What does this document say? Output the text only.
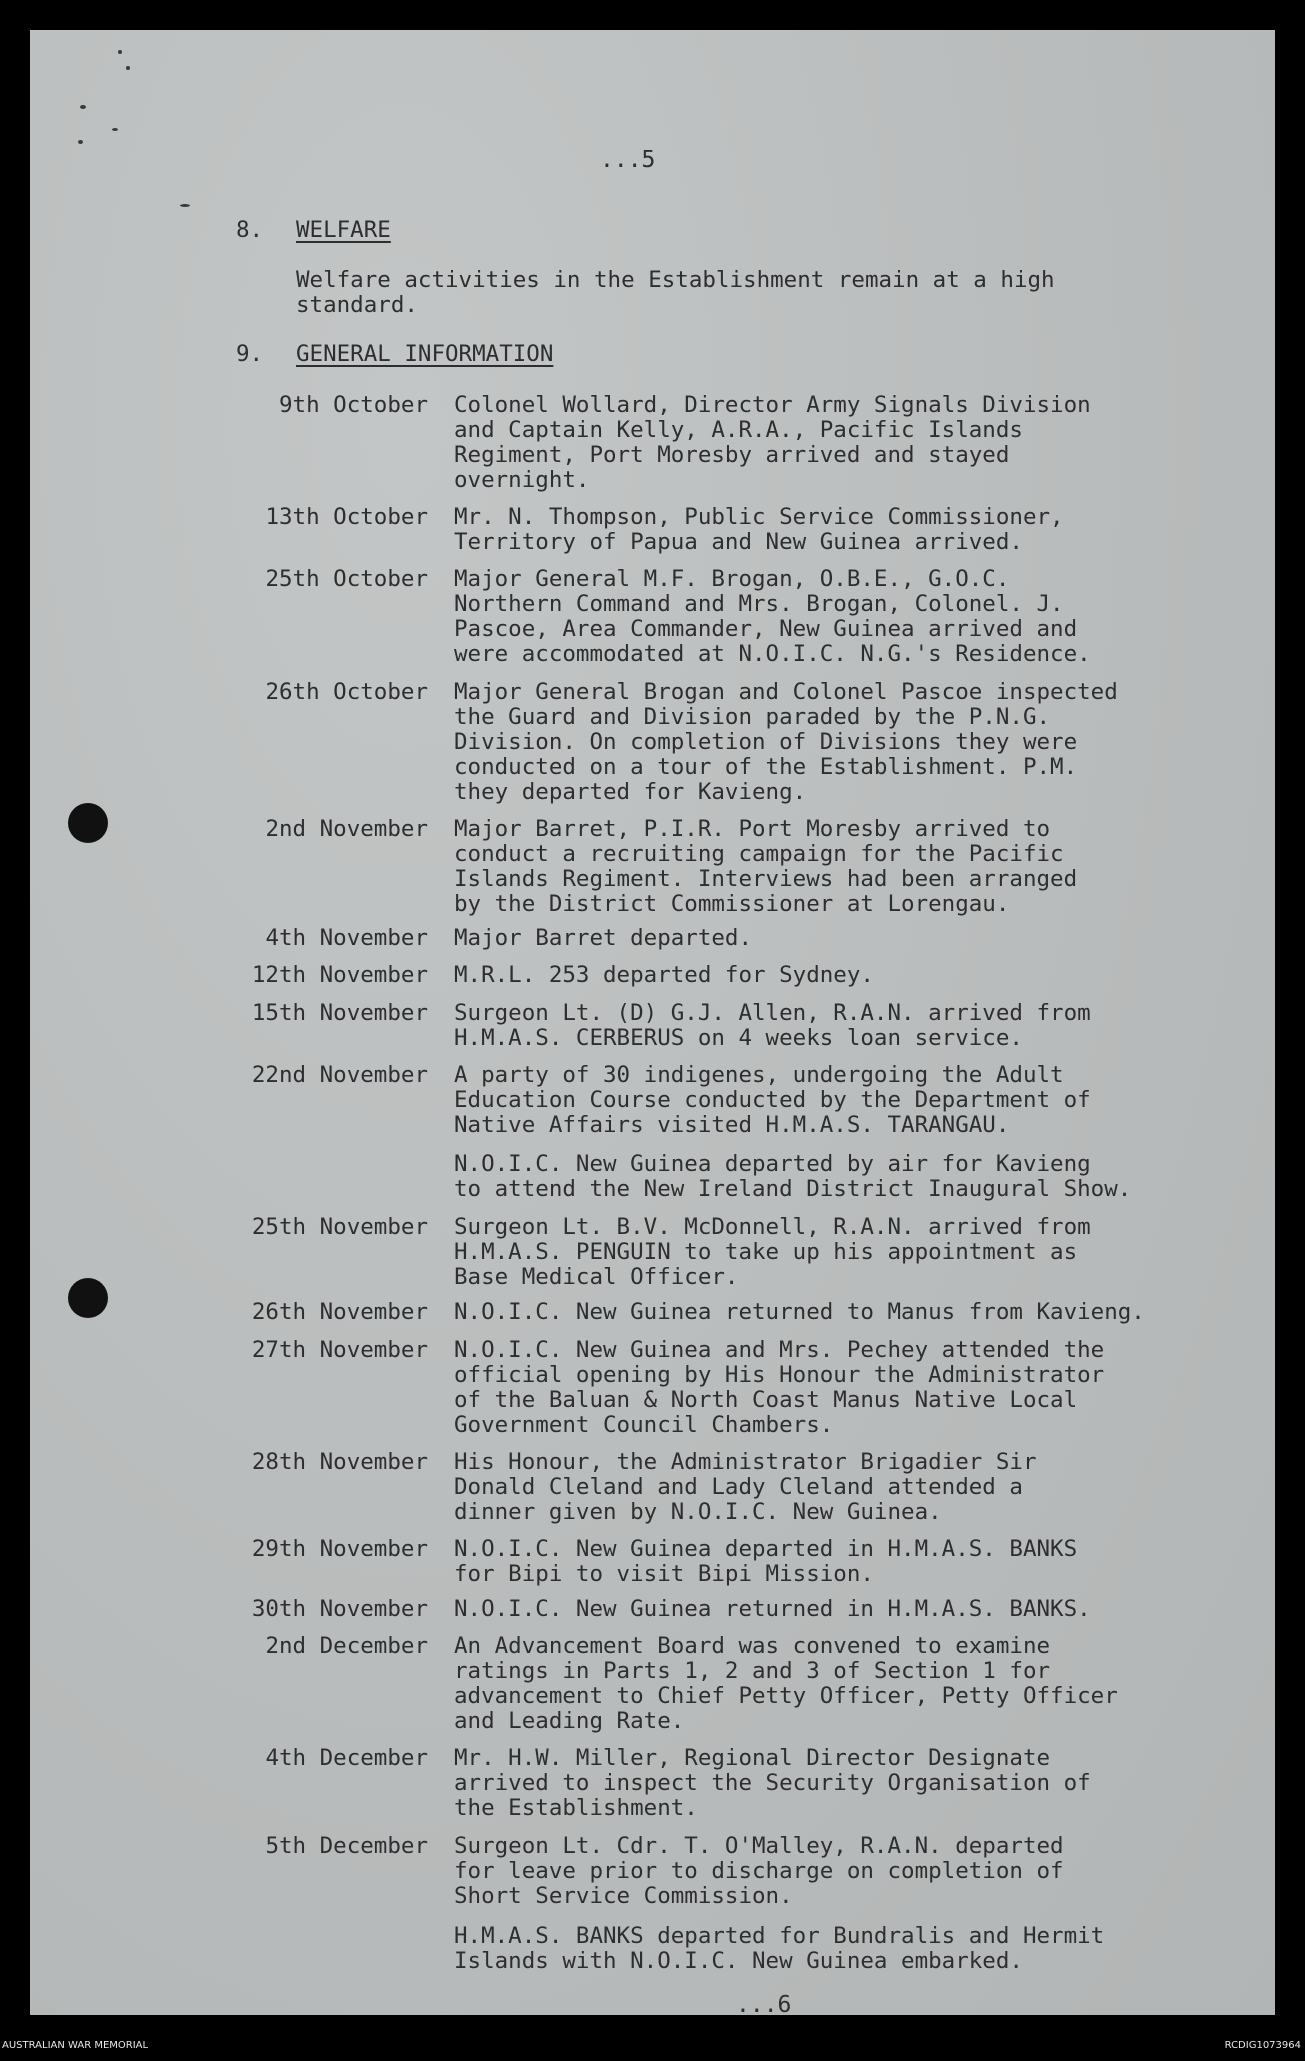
...5
8. WELFARE
Welfare activities in the Establishment remain at a high standard.
9. GENERAL INFORMATION
9th October Colonel Wollard, Director Army Signals Division
and Captain Kelly, A.R.A., Pacific Islands
Regiment, Port Moresby arrived and stayed
overnight.
13th October Mr. N. Thompson, Public Service Commissioner,
Territory of Papua and New Guinea arrived.
25th October Major General M.F. Brogan, O.B.E., G.O.C.
Northern Command and Mrs. Brogan, Colonel. J.
Pascoe, Area Commander, New Guinea arrived and
were accommodated at N.O.I.C. N.G.'s Residence.
26th October Major General Brogan and Colonel Pascoe inspected
the Guard and Division paraded by the P.N.G.
Division. On completion of Divisions they were
conducted on a tour of the Establishment. P.M.
they departed for Kavieng.
2nd November Major Barret, P.I.R. Port Moresby arrived to
conduct a recruiting campaign for the Pacific
Islands Regiment. Interviews had been arranged
by the District Commissioner at Lorengau.
4th November Major Barret departed.
12th November M.R.L. 253 departed for Sydney.
15th November Surgeon Lt. (D) G.J. Allen, R.A.N. arrived from
H.M.A.S. CERBERUS on 4 weeks loan service.
22nd November A party of 30 indigenes, undergoing the Adult
Education Course conducted by the Department of
Native Affairs visited H.M.A.S. TARANGAU.
N.O.I.C. New Guinea departed by air for Kavieng
to attend the New Ireland District Inaugural Show.
25th November Surgeon Lt. B.V. McDonnell, R.A.N. arrived from
H.M.A.S. PENGUIN to take up his appointment as
Base Medical Officer.
26th November N.O.I.C. New Guinea returned to Manus from Kavieng.
27th November N.O.I.C. New Guinea and Mrs. Pechey attended the
official opening by His Honour the Administrator
of the Baluan & North Coast Manus Native Local
Government Council Chambers.
28th November His Honour, the Administrator Brigadier Sir
Donald Cleland and Lady Cleland attended a
dinner given by N.O.I.C. New Guinea.
29th November N.O.I.C. New Guinea departed in H.M.A.S. BANKS
for Bipi to visit Bipi Mission.
30th November N.O.I.C. New Guinea returned in H.M.A.S. BANKS.
2nd December An Advancement Board was convened to examine
ratings in Parts 1, 2 and 3 of Section 1 for
advancement to Chief Petty Officer, Petty Officer
and Leading Rate.
4th December Mr. H.W. Miller, Regional Director Designate
arrived to inspect the Security Organisation of
the Establishment.
5th December Surgeon Lt. Cdr. T. O'Malley, R.A.N. departed
for leave prior to discharge on completion of
Short Service Commission.
H.M.A.S. BANKS departed for Bundralis and Hermit
Islands with N.O.I.C. New Guinea embarked.
...6
AUSTRALIAN WAR MEMORIAL	RCDIG1073964
